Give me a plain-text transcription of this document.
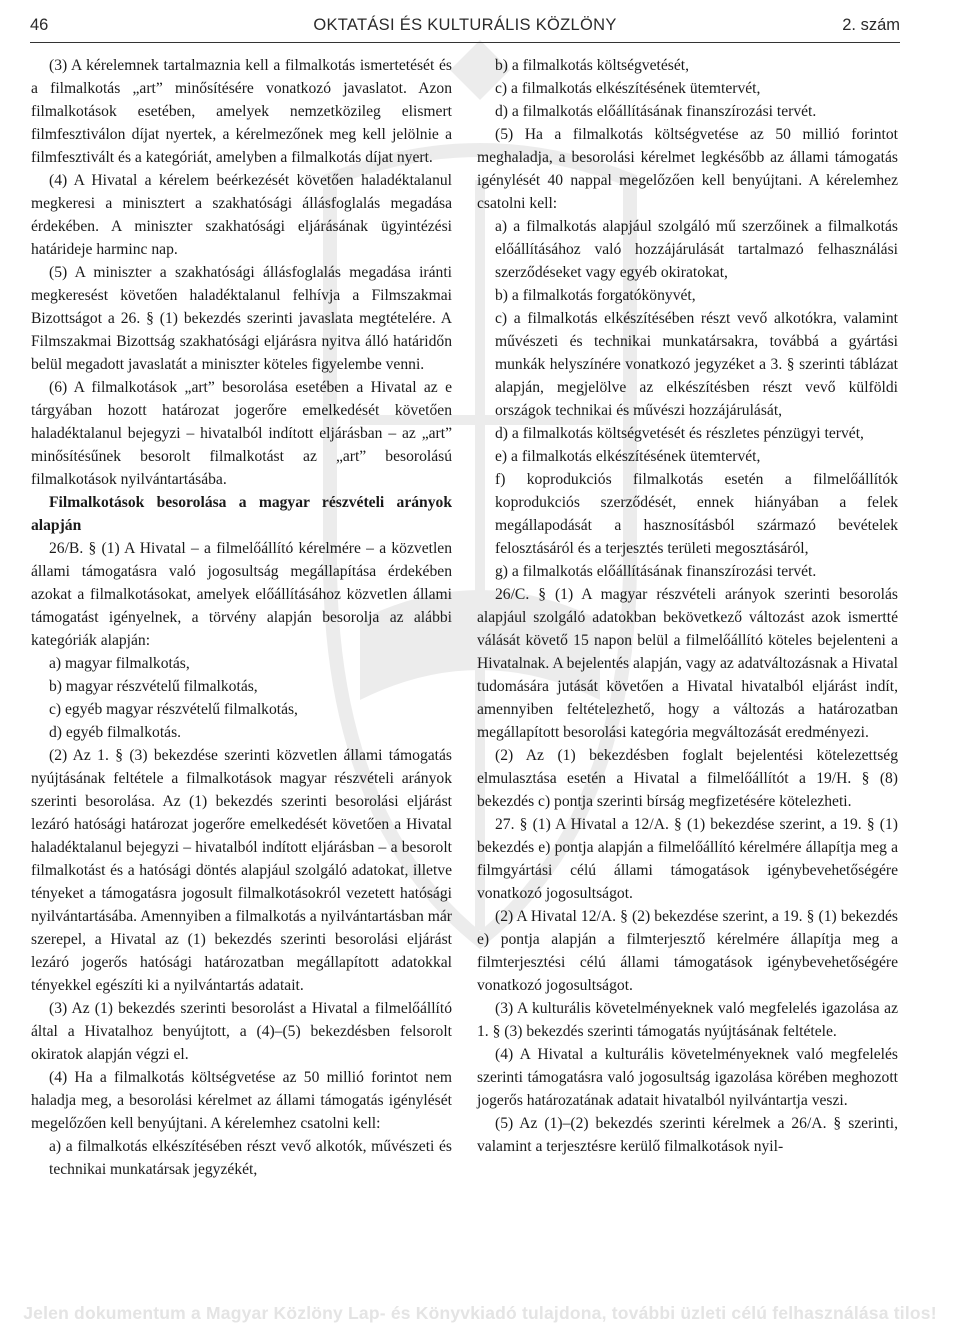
46	OKTATÁSI ÉS KULTURÁLIS KÖZLÖNY	2. szám

(3) A kérelemnek tartalmaznia kell a filmalkotás ismertetését és a filmalkotás „art” minősítésére vonatkozó javaslatot. Azon filmalkotások esetében, amelyek nemzetközileg elismert filmfesztiválon díjat nyertek, a kérelmezőnek meg kell jelölnie a filmfesztivált és a kategóriát, amelyben a filmalkotás díjat nyert.

(4) A Hivatal a kérelem beérkezését követően haladéktalanul megkeresi a minisztert a szakhatósági állásfoglalás megadása érdekében. A miniszter szakhatósági eljárásának ügyintézési határideje harminc nap.

(5) A miniszter a szakhatósági állásfoglalás megadása iránti megkeresést követően haladéktalanul felhívja a Filmszakmai Bizottságot a 26. § (1) bekezdés szerinti javaslata megtételére. A Filmszakmai Bizottság szakhatósági eljárásra nyitva álló határidőn belül megadott javaslatát a miniszter köteles figyelembe venni.

(6) A filmalkotások „art” besorolása esetében a Hivatal az e tárgyában hozott határozat jogerőre emelkedését követően haladéktalanul bejegyzi – hivatalból indított eljárásban – az „art” minősítésűnek besorolt filmalkotást az „art” besorolású filmalkotások nyilvántartásába.

Filmalkotások besorolása a magyar részvételi arányok alapján

26/B. § (1) A Hivatal – a filmelőállító kérelmére – a közvetlen állami támogatásra való jogosultság megállapítása érdekében azokat a filmalkotásokat, amelyek előállításához közvetlen állami támogatást igényelnek, a törvény alapján besorolja az alábbi kategóriák alapján:

a) magyar filmalkotás,

b) magyar részvételű filmalkotás,

c) egyéb magyar részvételű filmalkotás,

d) egyéb filmalkotás.

(2) Az 1. § (3) bekezdése szerinti közvetlen állami támogatás nyújtásának feltétele a filmalkotások magyar részvételi arányok szerinti besorolása. Az (1) bekezdés szerinti besorolási eljárást lezáró hatósági határozat jogerőre emelkedését követően a Hivatal haladéktalanul bejegyzi – hivatalból indított eljárásban – a besorolt filmalkotást és a hatósági döntés alapjául szolgáló adatokat, illetve tényeket a támogatásra jogosult filmalkotásokról vezetett hatósági nyilvántartásába. Amennyiben a filmalkotás a nyilvántartásban már szerepel, a Hivatal az (1) bekezdés szerinti besorolási eljárást lezáró jogerős hatósági határozatban megállapított adatokkal tényekkel egészíti ki a nyilvántartás adatait.

(3) Az (1) bekezdés szerinti besorolást a Hivatal a filmelőállító által a Hivatalhoz benyújtott, a (4)–(5) bekezdésben felsorolt okiratok alapján végzi el.

(4) Ha a filmalkotás költségvetése az 50 millió forintot nem haladja meg, a besorolási kérelmet az állami támogatás igénylését megelőzően kell benyújtani. A kérelemhez csatolni kell:

a) a filmalkotás elkészítésében részt vevő alkotók, művészeti és technikai munkatársak jegyzékét,

b) a filmalkotás költségvetését,

c) a filmalkotás elkészítésének ütemtervét,

d) a filmalkotás előállításának finanszírozási tervét.

(5) Ha a filmalkotás költségvetése az 50 millió forintot meghaladja, a besorolási kérelmet legkésőbb az állami támogatás igénylését 40 nappal megelőzően kell benyújtani. A kérelemhez csatolni kell:

a) a filmalkotás alapjául szolgáló mű szerzőinek a filmalkotás előállításához való hozzájárulását tartalmazó felhasználási szerződéseket vagy egyéb okiratokat,

b) a filmalkotás forgatókönyvét,

c) a filmalkotás elkészítésében részt vevő alkotókra, valamint művészeti és technikai munkatársakra, továbbá a gyártási munkák helyszínére vonatkozó jegyzéket a 3. § szerinti táblázat alapján, megjelölve az elkészítésben részt vevő külföldi országok technikai és művészi hozzájárulását,

d) a filmalkotás költségvetését és részletes pénzügyi tervét,

e) a filmalkotás elkészítésének ütemtervét,

f) koprodukciós filmalkotás esetén a filmelőállítók koprodukciós szerződését, ennek hiányában a felek megállapodását a hasznosításból származó bevételek felosztásáról és a terjesztés területi megosztásáról,

g) a filmalkotás előállításának finanszírozási tervét.

26/C. § (1) A magyar részvételi arányok szerinti besorolás alapjául szolgáló adatokban bekövetkező változást azok ismertté válását követő 15 napon belül a filmelőállító köteles bejelenteni a Hivatalnak. A bejelentés alapján, vagy az adatváltozásnak a Hivatal tudomására jutását követően a Hivatal hivatalból eljárást indít, amennyiben feltételezhető, hogy a változás a határozatban megállapított besorolási kategória megváltozását eredményezi.

(2) Az (1) bekezdésben foglalt bejelentési kötelezettség elmulasztása esetén a Hivatal a filmelőállítót a 19/H. § (8) bekezdés c) pontja szerinti bírság megfizetésére kötelezheti.

27. § (1) A Hivatal a 12/A. § (1) bekezdése szerint, a 19. § (1) bekezdés e) pontja alapján a filmelőállító kérelmére állapítja meg a filmgyártási célú állami támogatások igénybevehetőségére vonatkozó jogosultságot.

(2) A Hivatal 12/A. § (2) bekezdése szerint, a 19. § (1) bekezdés e) pontja alapján a filmterjesztő kérelmére állapítja meg a filmterjesztési célú állami támogatások igénybevehetőségére vonatkozó jogosultságot.

(3) A kulturális követelményeknek való megfelelés igazolása az 1. § (3) bekezdés szerinti támogatás nyújtásának feltétele.

(4) A Hivatal a kulturális követelményeknek való megfelelés szerinti támogatásra való jogosultság igazolása körében meghozott jogerős határozatának adatait hivatalból nyilvántartja veszi.

(5) Az (1)–(2) bekezdés szerinti kérelmek a 26/A. § szerinti, valamint a terjesztésre kerülő filmalkotások nyil-

Jelen dokumentum a Magyar Közlöny Lap- és Könyvkiadó tulajdona, további üzleti célú felhasználása tilos!
